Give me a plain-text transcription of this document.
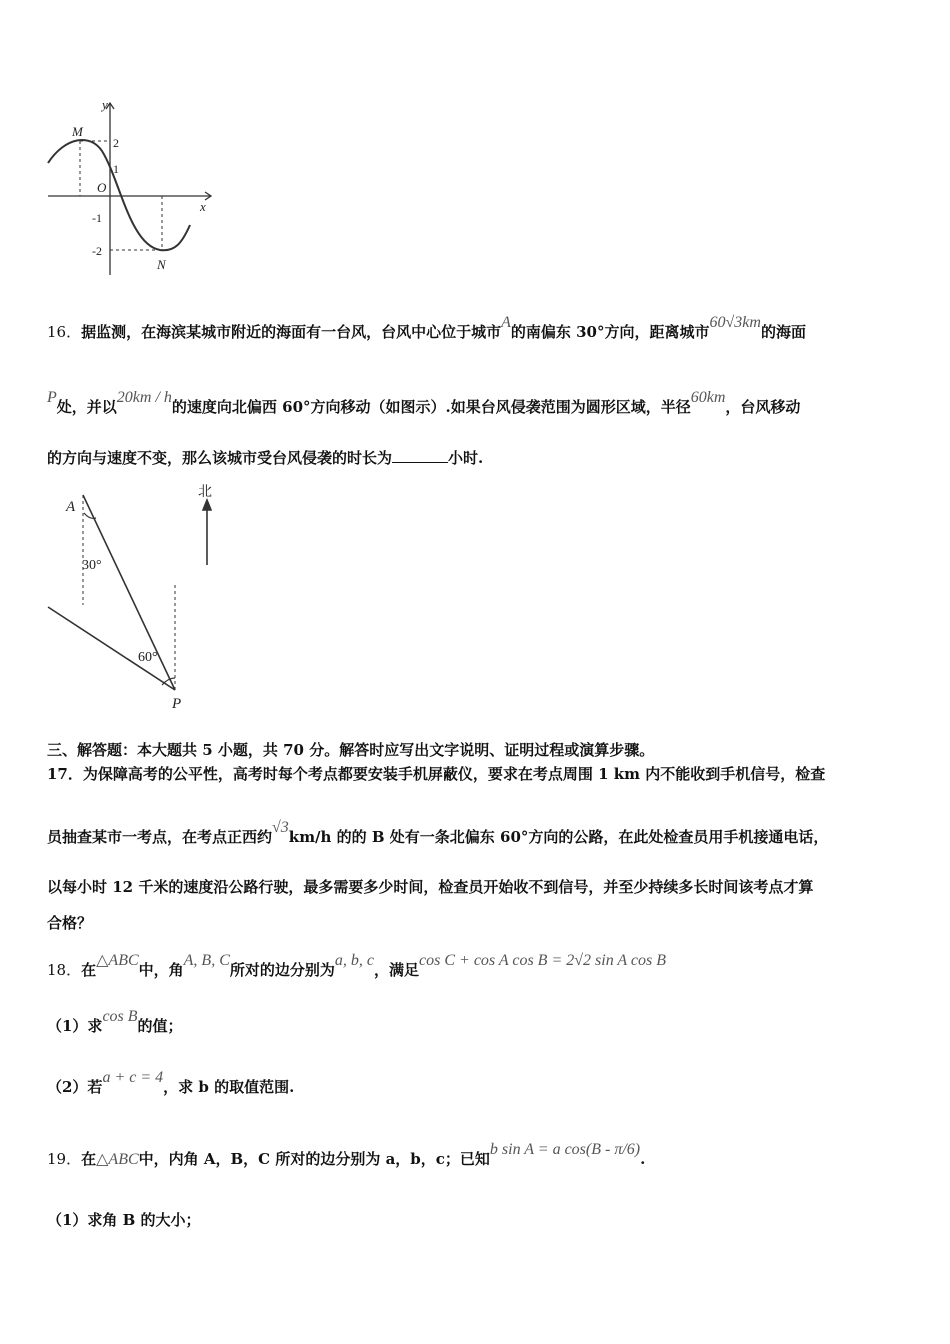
y
x
M
N
O
2
1
-1
-2
16．据监测，在海滨某城市附近的海面有一台风，台风中心位于城市A的南偏东 30°方向，距离城市60√3km的海面
P处，并以20km / h的速度向北偏西 60°方向移动（如图示）.如果台风侵袭范围为圆形区域，半径60km，台风移动
的方向与速度不变，那么该城市受台风侵袭的时长为	小时.
A
P
30°
60°
北
三、解答题：本大题共 5 小题，共 70 分。解答时应写出文字说明、证明过程或演算步骤。
17．为保障高考的公平性，高考时每个考点都要安装手机屏蔽仪，要求在考点周围 1 km 内不能收到手机信号，检查
员抽查某市一考点，在考点正西约√3km/h 的的 B 处有一条北偏东 60°方向的公路，在此处检查员用手机接通电话，
以每小时 12 千米的速度沿公路行驶，最多需要多少时间，检查员开始收不到信号，并至少持续多长时间该考点才算
合格？
18．在△ABC中，角A, B, C所对的边分别为a, b, c，满足cos C + cos A cos B = 2√2 sin A cos B
（1）求cos B的值；
（2）若a + c = 4，求 b 的取值范围.
19．在△ABC中，内角 A，B，C 所对的边分别为 a，b，c；已知b sin A = a cos(B - π/6).
（1）求角 B 的大小；
